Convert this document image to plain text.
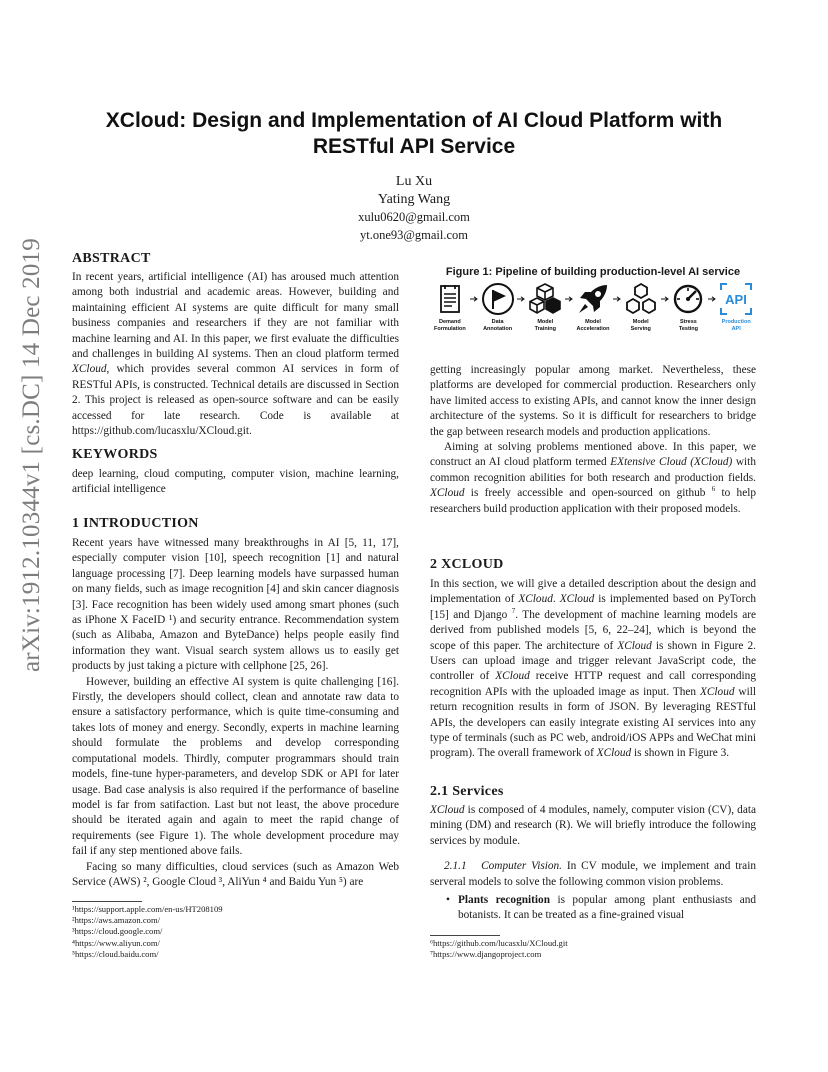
arXiv:1912.10344v1 [cs.DC] 14 Dec 2019
XCloud: Design and Implementation of AI Cloud Platform with
RESTful API Service
Lu Xu
Yating Wang
xulu0620@gmail.com
yt.one93@gmail.com
ABSTRACT

In recent years, artificial intelligence (AI) has aroused much attention among both industrial and academic areas. However, building and maintaining efficient AI systems are quite difficult for many small business companies and researchers if they are not familiar with machine learning and AI. In this paper, we first evaluate the difficulties and challenges in building AI systems. Then an cloud platform termed XCloud, which provides several common AI services in form of RESTful APIs, is constructed. Technical details are discussed in Section 2. This project is released as open-source software and can be easily accessed for late research. Code is available at https://github.com/lucasxlu/XCloud.git.

KEYWORDS
deep learning, cloud computing, computer vision, machine learning, artificial intelligence
1 INTRODUCTION

Recent years have witnessed many breakthroughs in AI [5, 11, 17], especially computer vision [10], speech recognition [1] and natural language processing [7]. Deep learning models have surpassed human on many fields, such as image recognition [4] and skin cancer diagnosis [3]. Face recognition has been widely used among smart phones (such as iPhone X FaceID ¹) and security entrance. Recommendation system (such as Alibaba, Amazon and ByteDance) helps people easily find information they want. Visual search system allows us to easily get products by just taking a picture with cellphone [25, 26].

However, building an effective AI system is quite challenging [16]. Firstly, the developers should collect, clean and annotate raw data to ensure a satisfactory performance, which is quite time-consuming and takes lots of money and energy. Secondly, experts in machine learning should formulate the problems and develop corresponding computational models. Thirdly, computer programmars should train models, fine-tune hyper-parameters, and develop SDK or API for later usage. Bad case analysis is also required if the performance of baseline model is far from satifaction. Last but not least, the above procedure should be iterated again and again to meet the rapid change of requirements (see Figure 1). The whole development procedure may fail if any step mentioned above fails.

Facing so many difficulties, cloud services (such as Amazon Web Service (AWS) ², Google Cloud ³, AliYun ⁴ and Baidu Yun ⁵) are

¹https://support.apple.com/en-us/HT208109
²https://aws.amazon.com/
³https://cloud.google.com/
⁴https://www.aliyun.com/
⁵https://cloud.baidu.com/
Figure 1: Pipeline of building production-level AI service
Demand
Formulation
Data
Annotation
Model
Training
Model
Acceleration
Model
Serving
Stress
Testing
API
Production
API

getting increasingly popular among market. Nevertheless, these platforms are developed for commercial production. Researchers only have limited access to existing APIs, and cannot know the inner design architecture of the systems. So it is difficult for researchers to bridge the gap between research models and production applications.

Aiming at solving problems mentioned above. In this paper, we construct an AI cloud platform termed EXtensive Cloud (XCloud) with common recognition abilities for both research and production fields. XCloud is freely accessible and open-sourced on github $^6$ to help researchers build production application with their proposed models.

2 XCLOUD

In this section, we will give a detailed description about the design and implementation of XCloud. XCloud is implemented based on PyTorch [15] and Django $^7$. The development of machine learning models are derived from published models [5, 6, 22–24], which is beyond the scope of this paper. The architecture of XCloud is shown in Figure 2. Users can upload image and trigger relevant JavaScript code, the controller of XCloud receive HTTP request and call corresponding recognition APIs with the uploaded image as input. Then XCloud will return recognition results in form of JSON. By leveraging RESTful APIs, the developers can easily integrate existing AI services into any type of terminals (such as PC web, android/iOS APPs and WeChat mini program). The overall framework of XCloud is shown in Figure 3.

2.1 Services

XCloud is composed of 4 modules, namely, computer vision (CV), data mining (DM) and research (R). We will briefly introduce the following services by module.

2.1.1 Computer Vision. In CV module, we implement and train serveral models to solve the following common vision problems.

• Plants recognition is popular among plant enthusiasts and botanists. It can be treated as a fine-grained visual

⁶https://github.com/lucasxlu/XCloud.git
⁷https://www.djangoproject.com
